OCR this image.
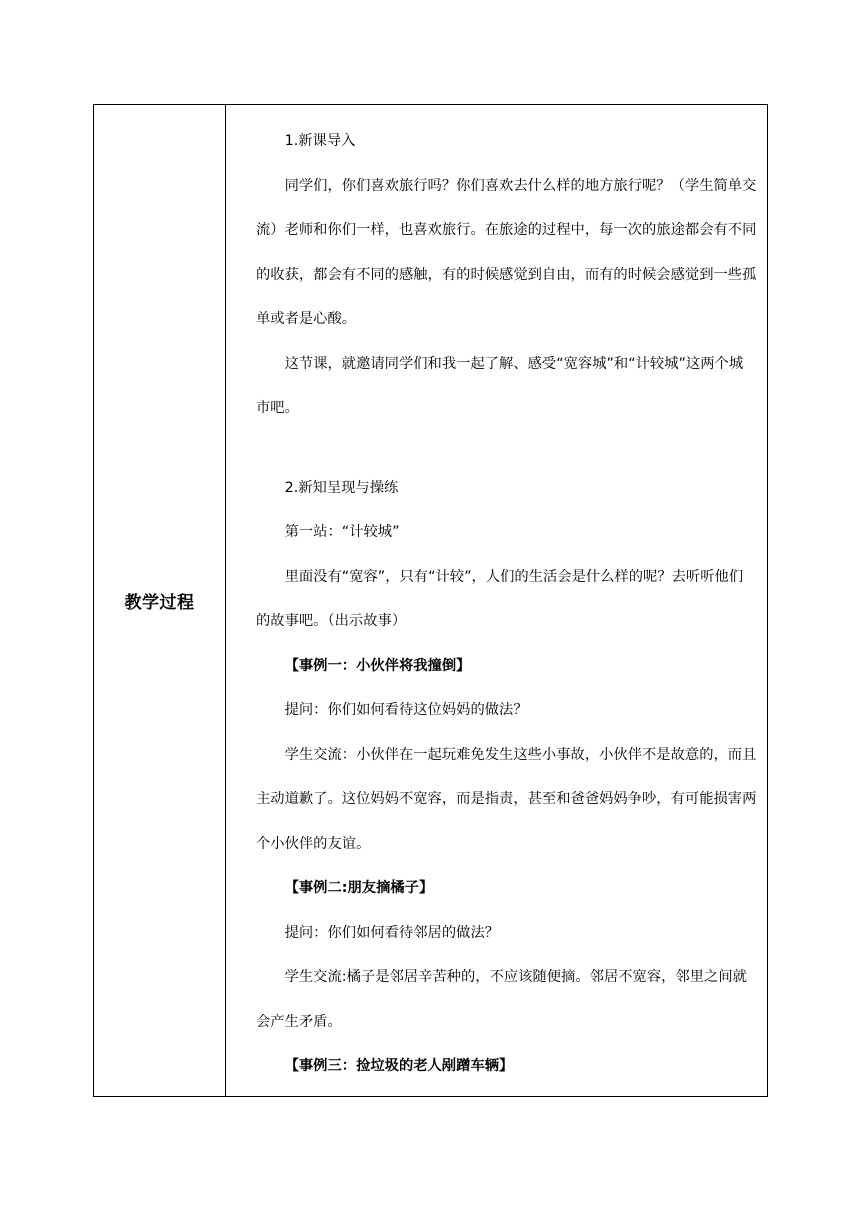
教学过程

1.新课导入

同学们，你们喜欢旅行吗？你们喜欢去什么样的地方旅行呢？（学生简单交流）老师和你们一样，也喜欢旅行。在旅途的过程中，每一次的旅途都会有不同的收获，都会有不同的感触，有的时候感觉到自由，而有的时候会感觉到一些孤单或者是心酸。

这节课，就邀请同学们和我一起了解、感受“宽容城”和“计较城”这两个城市吧。

2.新知呈现与操练

第一站：“计较城”

里面没有“宽容”，只有“计较”，人们的生活会是什么样的呢？去听听他们的故事吧。（出示故事）

【事例一：小伙伴将我撞倒】

提问：你们如何看待这位妈妈的做法？

学生交流：小伙伴在一起玩难免发生这些小事故，小伙伴不是故意的，而且主动道歉了。这位妈妈不宽容，而是指责，甚至和爸爸妈妈争吵，有可能损害两个小伙伴的友谊。

【事例二:朋友摘橘子】

提问：你们如何看待邻居的做法？

学生交流:橘子是邻居辛苦种的，不应该随便摘。邻居不宽容，邻里之间就会产生矛盾。

【事例三：捡垃圾的老人剐蹭车辆】
